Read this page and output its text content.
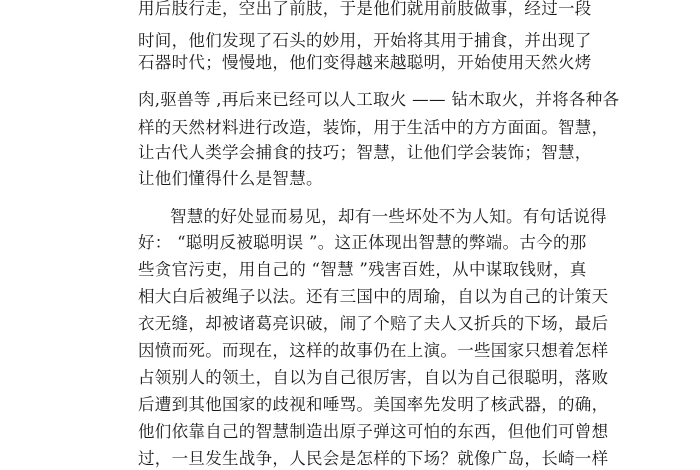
用后肢行走，空出了前肢，于是他们就用前肢做事，经过一段
时间，他们发现了石头的妙用，开始将其用于捕食，并出现了
石器时代；慢慢地，他们变得越来越聪明，开始使用天然火烤
肉,驱兽等 ,再后来已经可以人工取火 —— 钻木取火，并将各种各
样的天然材料进行改造，装饰，用于生活中的方方面面。智慧，
让古代人类学会捕食的技巧；智慧，让他们学会装饰；智慧，
让他们懂得什么是智慧。
智慧的好处显而易见，却有一些坏处不为人知。有句话说得
好： “聪明反被聪明误 ”。这正体现出智慧的弊端。古今的那
些贪官污吏，用自己的 “智慧 ”残害百姓，从中谋取钱财，真
相大白后被绳子以法。还有三国中的周瑜，自以为自己的计策天
衣无缝，却被诸葛亮识破，闹了个赔了夫人又折兵的下场，最后
因愤而死。而现在，这样的故事仍在上演。一些国家只想着怎样
占领别人的领土，自以为自己很厉害，自以为自己很聪明，落败
后遭到其他国家的歧视和唾骂。美国率先发明了核武器，的确，
他们依靠自己的智慧制造出原子弹这可怕的东西，但他们可曾想
过，一旦发生战争，人民会是怎样的下场？就像广岛，长崎一样
